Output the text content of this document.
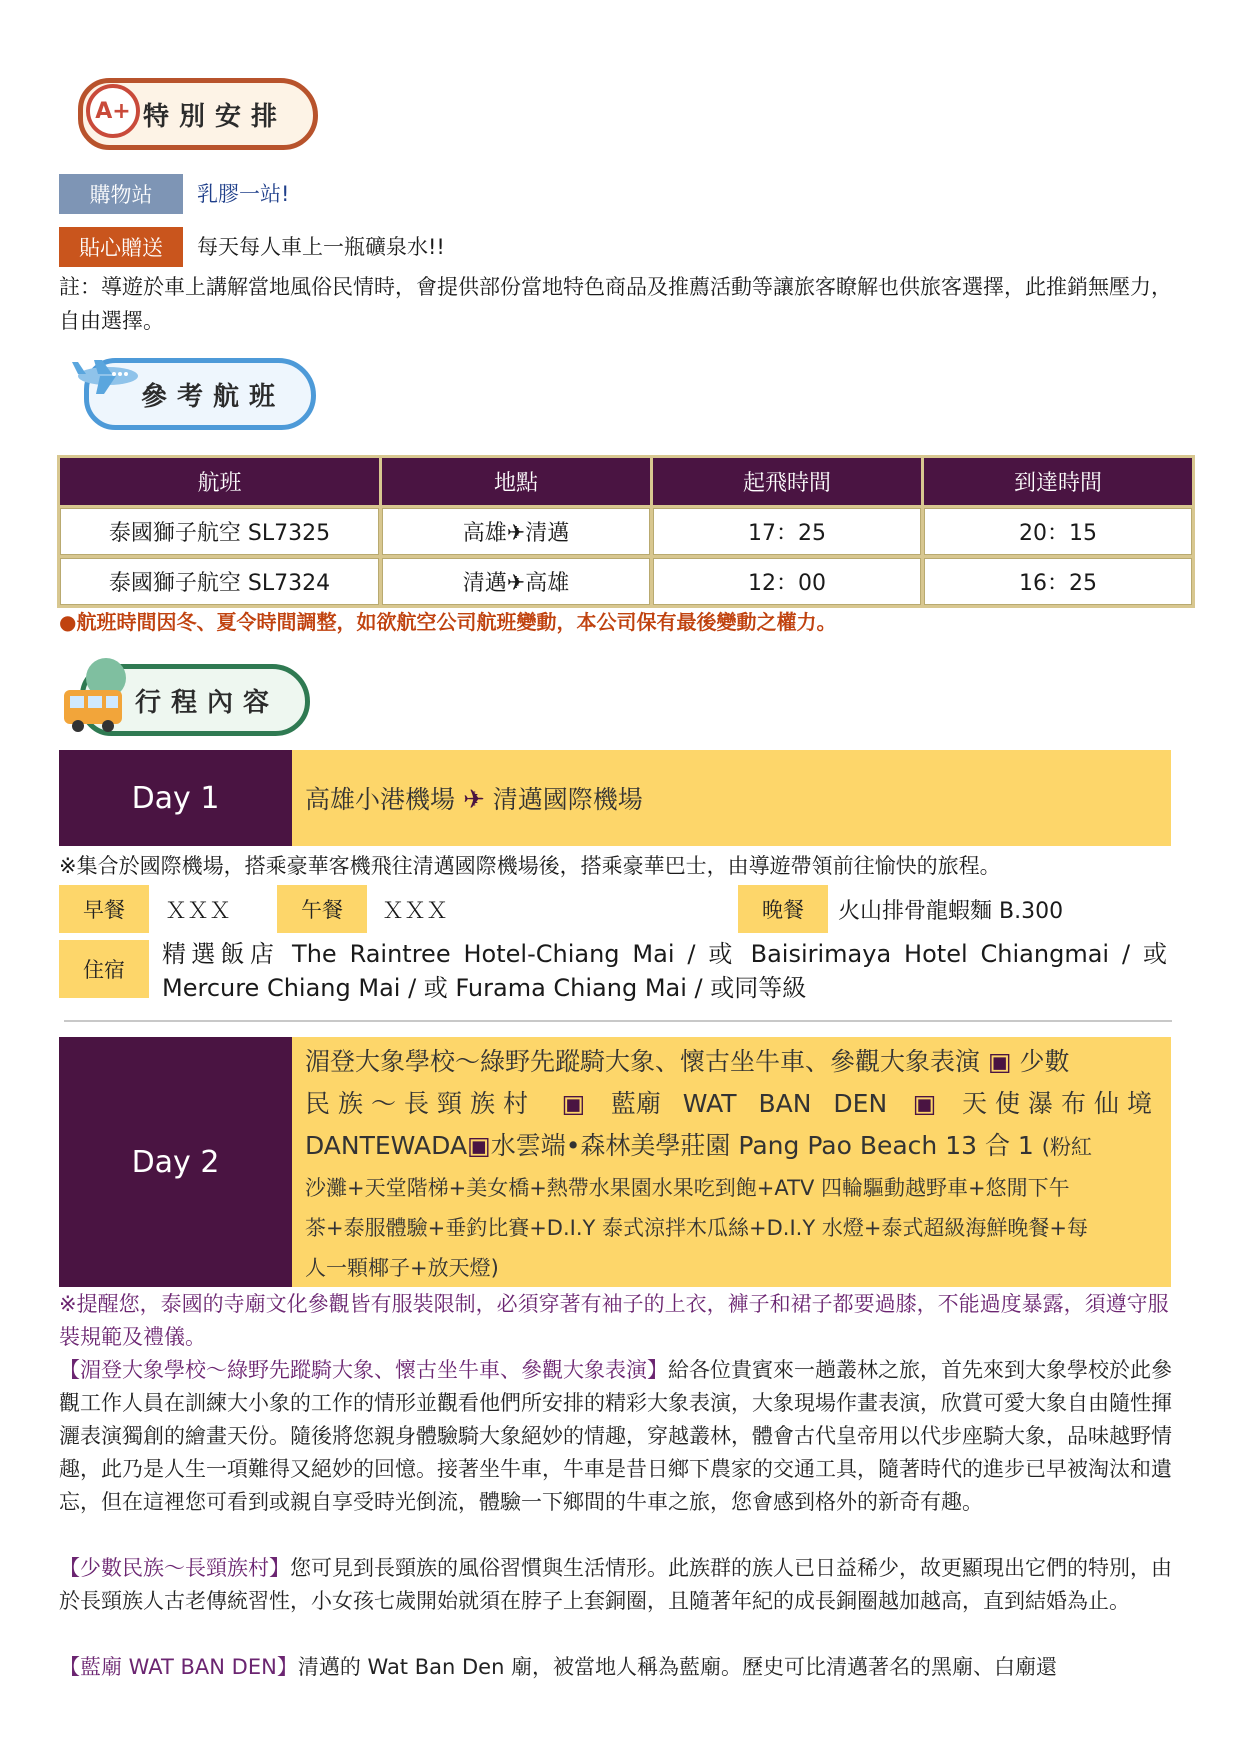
特別安排
A+
購物站	乳膠一站!
貼心贈送	每天每人車上一瓶礦泉水!!
註：導遊於車上講解當地風俗民情時，會提供部份當地特色商品及推薦活動等讓旅客瞭解也供旅客選擇，此推銷無壓力，自由選擇。
參考航班
航班	地點	起飛時間	到達時間
泰國獅子航空 SL7325	高雄✈清邁	17：25	20：15
泰國獅子航空 SL7324	清邁✈高雄	12：00	16：25
●航班時間因冬、夏令時間調整，如欲航空公司航班變動，本公司保有最後變動之權力。
行程內容
Day 1	高雄小港機場 ✈ 清邁國際機場
※集合於國際機場，搭乘豪華客機飛往清邁國際機場後，搭乘豪華巴士，由導遊帶領前往愉快的旅程。
早餐	ＸＸＸ	午餐	ＸＸＸ	晚餐	火山排骨龍蝦麵 B.300
住宿
精選飯店 The Raintree Hotel-Chiang Mai / 或 Baisirimaya Hotel Chiangmai / 或
Mercure Chiang Mai / 或 Furama Chiang Mai / 或同等級
Day 2
湄登大象學校～綠野先蹤騎大象、懷古坐牛車、參觀大象表演 ▣ 少數
民族～長頸族村 ▣ 藍廟 WAT BAN DEN ▣ 天使瀑布仙境
DANTEWADA▣水雲端•森林美學莊園 Pang Pao Beach 13 合 1 (粉紅
沙灘+天堂階梯+美女橋+熱帶水果園水果吃到飽+ATV 四輪驅動越野車+悠閒下午
茶+泰服體驗+垂釣比賽+D.I.Y 泰式涼拌木瓜絲+D.I.Y 水燈+泰式超級海鮮晚餐+每
人一顆椰子+放天燈)
※提醒您，泰國的寺廟文化參觀皆有服裝限制，必須穿著有袖子的上衣，褲子和裙子都要過膝，不能過度暴露，須遵守服裝規範及禮儀。
【湄登大象學校～綠野先蹤騎大象、懷古坐牛車、參觀大象表演】給各位貴賓來一趟叢林之旅，首先來到大象學校於此參觀工作人員在訓練大小象的工作的情形並觀看他們所安排的精彩大象表演，大象現場作畫表演，欣賞可愛大象自由隨性揮灑表演獨創的繪畫天份。隨後將您親身體驗騎大象絕妙的情趣，穿越叢林，體會古代皇帝用以代步座騎大象，品味越野情趣，此乃是人生一項難得又絕妙的回憶。接著坐牛車，牛車是昔日鄉下農家的交通工具，隨著時代的進步已早被淘汰和遺忘，但在這裡您可看到或親自享受時光倒流，體驗一下鄉間的牛車之旅，您會感到格外的新奇有趣。
【少數民族～長頸族村】您可見到長頸族的風俗習慣與生活情形。此族群的族人已日益稀少，故更顯現出它們的特別，由於長頸族人古老傳統習性，小女孩七歲開始就須在脖子上套銅圈，且隨著年紀的成長銅圈越加越高，直到結婚為止。
【藍廟 WAT BAN DEN】清邁的 Wat Ban Den 廟，被當地人稱為藍廟。歷史可比清邁著名的黑廟、白廟還
